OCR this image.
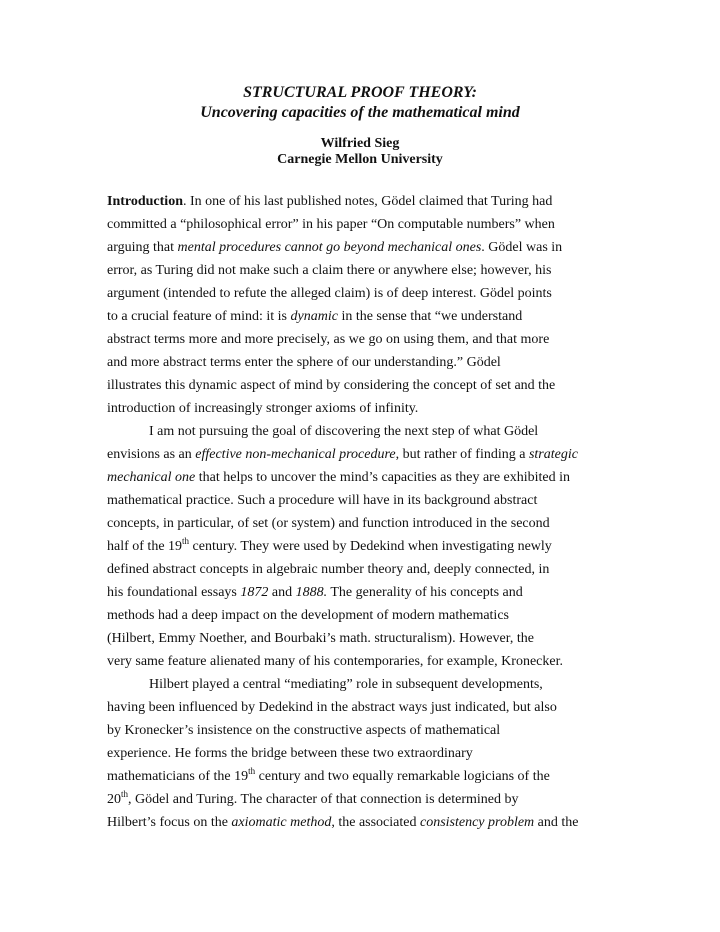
STRUCTURAL PROOF THEORY:
Uncovering capacities of the mathematical mind
Wilfried Sieg
Carnegie Mellon University
Introduction. In one of his last published notes, Gödel claimed that Turing had
committed a “philosophical error” in his paper “On computable numbers” when
arguing that mental procedures cannot go beyond mechanical ones. Gödel was in
error, as Turing did not make such a claim there or anywhere else; however, his
argument (intended to refute the alleged claim) is of deep interest. Gödel points
to a crucial feature of mind: it is dynamic in the sense that “we understand
abstract terms more and more precisely, as we go on using them, and that more
and more abstract terms enter the sphere of our understanding.” Gödel
illustrates this dynamic aspect of mind by considering the concept of set and the
introduction of increasingly stronger axioms of infinity.
I am not pursuing the goal of discovering the next step of what Gödel
envisions as an effective non-mechanical procedure, but rather of finding a strategic
mechanical one that helps to uncover the mind’s capacities as they are exhibited in
mathematical practice. Such a procedure will have in its background abstract
concepts, in particular, of set (or system) and function introduced in the second
half of the 19th century. They were used by Dedekind when investigating newly
defined abstract concepts in algebraic number theory and, deeply connected, in
his foundational essays 1872 and 1888. The generality of his concepts and
methods had a deep impact on the development of modern mathematics
(Hilbert, Emmy Noether, and Bourbaki’s math. structuralism). However, the
very same feature alienated many of his contemporaries, for example, Kronecker.
Hilbert played a central “mediating” role in subsequent developments,
having been influenced by Dedekind in the abstract ways just indicated, but also
by Kronecker’s insistence on the constructive aspects of mathematical
experience. He forms the bridge between these two extraordinary
mathematicians of the 19th century and two equally remarkable logicians of the
20th, Gödel and Turing. The character of that connection is determined by
Hilbert’s focus on the axiomatic method, the associated consistency problem and the
